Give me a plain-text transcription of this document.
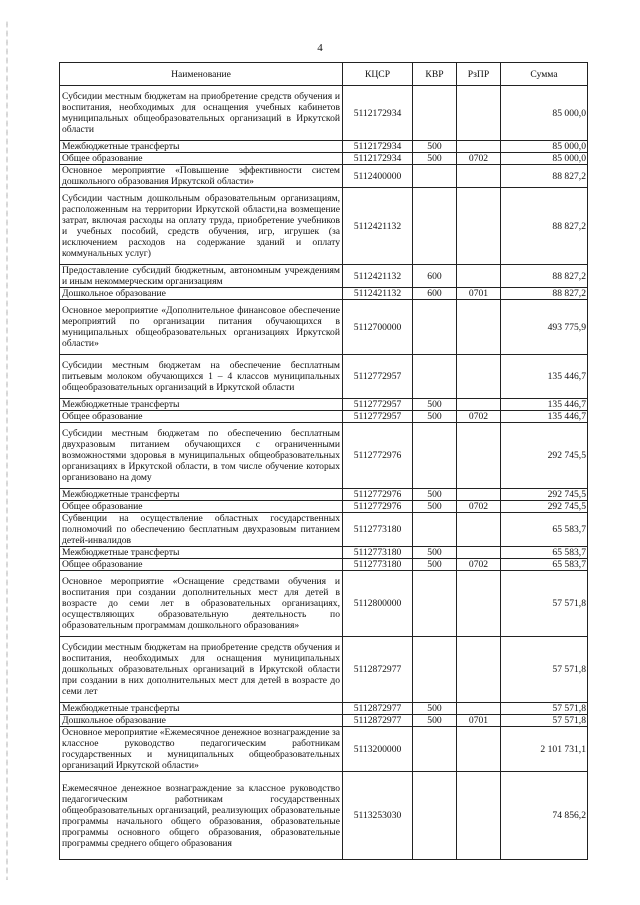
4
Наименование	КЦСР	КВР	РзПР	Сумма
Субсидии местным бюджетам на приобретение средств обучения и воспитания, необходимых для оснащения учебных кабинетов муниципальных общеобразовательных организаций в Иркутской области	5112172934			85 000,0
Межбюджетные трансферты	5112172934	500		85 000,0
Общее образование	5112172934	500	0702	85 000,0
Основное мероприятие «Повышение эффективности систем дошкольного образования Иркутской области»	5112400000			88 827,2
Субсидии частным дошкольным образовательным организациям, расположенным на территории Иркутской области,на возмещение затрат, включая расходы на оплату труда, приобретение учебников и учебных пособий, средств обучения, игр, игрушек (за исключением расходов на содержание зданий и оплату коммунальных услуг)	5112421132			88 827,2
Предоставление субсидий бюджетным, автономным учреждениям и иным некоммерческим организациям	5112421132	600		88 827,2
Дошкольное образование	5112421132	600	0701	88 827,2
Основное мероприятие «Дополнительное финансовое обеспечение мероприятий по организации питания обучающихся в муниципальных общеобразовательных организациях Иркутской области»	5112700000			493 775,9
Субсидии местным бюджетам на обеспечение бесплатным питьевым молоком обучающихся 1 – 4 классов муниципальных общеобразовательных организаций в Иркутской области	5112772957			135 446,7
Межбюджетные трансферты	5112772957	500		135 446,7
Общее образование	5112772957	500	0702	135 446,7
Субсидии местным бюджетам по обеспечению бесплатным двухразовым питанием обучающихся с ограниченными возможностями здоровья в муниципальных общеобразовательных организациях в Иркутской области, в том числе обучение которых организовано на дому	5112772976			292 745,5
Межбюджетные трансферты	5112772976	500		292 745,5
Общее образование	5112772976	500	0702	292 745,5
Субвенции на осуществление областных государственных полномочий по обеспечению бесплатным двухразовым питанием детей-инвалидов	5112773180			65 583,7
Межбюджетные трансферты	5112773180	500		65 583,7
Общее образование	5112773180	500	0702	65 583,7
Основное мероприятие «Оснащение средствами обучения и воспитания при создании дополнительных мест для детей в возрасте до семи лет в образовательных организациях, осуществляющих образовательную деятельность по образовательным программам дошкольного образования»	5112800000			57 571,8
Субсидии местным бюджетам на приобретение средств обучения и воспитания, необходимых для оснащения муниципальных дошкольных образовательных организаций в Иркутской области при создании в них дополнительных мест для детей в возрасте до семи лет	5112872977			57 571,8
Межбюджетные трансферты	5112872977	500		57 571,8
Дошкольное образование	5112872977	500	0701	57 571,8
Основное мероприятие «Ежемесячное денежное вознаграждение за классное руководство педагогическим работникам государственных и муниципальных общеобразовательных организаций Иркутской области»	5113200000			2 101 731,1
Ежемесячное денежное вознаграждение за классное руководство педагогическим работникам государственных общеобразовательных организаций, реализующих образовательные программы начального общего образования, образовательные программы основного общего образования, образовательные программы среднего общего образования	5113253030			74 856,2
